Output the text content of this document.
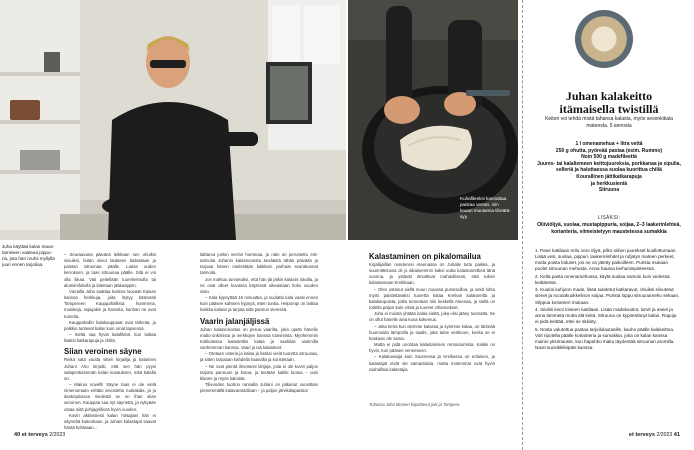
Juha käyttää kalan maustamiseen vaaleaa pippuria, jota hän rouhii myllyllä juuri ennen tarjoilua.
Kuhafileeksi kannattaa paistaa verran, niin kauan muutamia tiheätäsyy.

– Seuraavana päivänä leikkaan sen ohuiksi siivuiksi, laitan siivut lautasen laidastaan ja paistan sitruunaa päälle. Laitan uuden kerroksen, ja taas sitruunaa päälle. Sitä ei voi olla liikaa. Vati peitellään tuorekelmulla tai alumiinifoliolla ja laitetaan jääkaappiin.

Vierailla Juha saattaa koskea luovasti Kaisan kanssa herkkuja, joita löytyy kätevästi Tampereen Kauppahallista: hummeria, muiskeja, rapujakin ja hainoita, kunhan ne ovat tuoreita.

Kauppahallin kalakauppiaat ovat tärkeitä, ja palkkio tuntevat kalan kuin omat lapsensa.

– Sieltä saa hyviä kalafileitä, kun laittaa lisäksi katkarapuja ja chiliä.

Siian veroinen säyne

Reilut sata vuotta sitten kirjailija ja kalamies Juhani Aho kirjoitti, että sen hän pyysi salaperäisimmän kalan kuvauksen, mitä kalalla on.

– Mainio novelli! Säyne taas ei ole vielä nimenomaan erittäin arvostettu ruokakala, ja jo deskriptioissa mielestä se on ihan siian veroinen. Kauppaa saa nyt säynettä, ja nykyään ostaa niitä pohjagrillissä hyvin vuoden.

Kovin aktiivisiesti kalan hintajiani hän ei säynettä kuitenkaan, ja Juhani kalastajat saavat häntä kohtaaan...

laittanut jonkin verran hommaa, ja näin on perustettu erätarinoita Juhanin kalaseuroista keväästä tähän päivään ja tarjoaa hänen mielestään kaikkein parhaat seurakunnat tarinoita.

Jos mahtuu tunnetuksi, että hän jäi jäikin kalasiis lokalla, ja ne ovat olleet kovassa käytössä oikeastaan koko vuoden siian.

– Kala kypsyttää 15 minuuttia, ja suolattu kala vaatii ennen kuin pääsee kahteen kypsyä, etten tuntia. Helpompi on laittaa lusikka kalaan ja tarjota siitä pannun vieressä.

Vaarin jalanjäljissä

Juhan kalaninnostus on perua vaarilta, joka opetti hänelle maito-onkimista ja verkkojen kanssa toimimista. Myöhemmin Kokkolassa kalastettiin kalaa ja saaliista uistimilla vanhemman kanssa. Vaari ja isä kalastivat.

– Otetaan osteria ja kalaa ja lisäksi vielä tuoretta sitruunaa, ja sitten tarjotaan kahdella kaavalla ja koristetaan.

– Ne ovat pientä ilmeisesti lahjoja, joita ei ole kovin paljon tarjottu pannuun ja kotoa, ja teetään kaikki luotua – uusi tilanne ja myös kaloista.

Tilivuoden tuohon rannalla Juhani on jatkanut vuosittain pienemmällä kalavarastollaan – ja paljon järvikalapaistia!

Kalastaminen on pikalomailua

Kirjailijaillan residenssi Ateenassa on Juhalle tuttu paikka, ja suunnittelussa oli jo aikaisemmin kaksi uutta kalastusretkeä tänä vuonna, ja ystävät ilmoittivat mahdollisesti, että tulisin kalastamaan Kreikkaan.

– Olen ostanut siellä muun muassa punamulloa, ja sekä lohta myös paistettavaksi tuoretta kalaa Kreikan kalatoreilta ja kalakaupoista, jotka tunnetaan niin keskellä Ateenaa, ja siellä on todella paljon kuin viiniä ja tuoreet vihannekset.

Juha ei muista yhtään kalaa sieltä, joka olisi jääny tuomatta. Se on ollut hänelle aina kova kokemus.

– Joka kerta kun olemme kalassa ja syömme kalaa, on tärkeää huomioida lämpötila ja saalis, joka tulee verkkoon, koska se ei koskaan ole sama.

Mutta ei pidä unohtaa kalastamisen rentoutumista. Kaikki on hyvin, kun pääsee veneeseen.

– Kalakuvaaja kuin Suomessa ja Kreikassa on erilainen, ja kalastajat eivät ole samanlaisia, mutta molemmat ovat hyvin rauhallisia kalastajia.

Tuhoisia Juha Itkonen kirjoittanut joki ja Tampere.
Juhan kalakeitto itämaisella twistillä
Keiton voi tehdä mistä tahansa kalasta, myös sesonkikala mateesta. 5 annosta
1 l omenamehua + litra vettä
250 g ohutta, pyöreää pastaa (esim. Rummo)
Noin 500 g madefileettä
Juures- tai kalaliemeen keittojuureksia, porkkanaa ja sipulia, selleriä ja haluttaessa suolaa kuorittua chiliä
Kourallinen jättikatkarapuja
ja herkkusieniä
Sitruuna
LISÄKSI:
Oliiviöljyä, suolaa, mustapippuria, soijaa, 2–3 laakerinlehteä, korianteria, viimeistelyyn maustetessa sumakkia

1. Pane kattilaan reilu noro öljyä, pilko siihen juurekset kuullottumaan. Lisää vesi, suolaa, pippuri, laakerinlehdet ja rufjatyn mateen perkeet, mutta poista kiduset, jos ne on jätetty paikoilleen. Purista mukaan puolet sitruunan mehusta. Anna hautua kiehumispisteessä.

2. Keitä pasta omenamehussa, käytä suolaa samoin kuin vedessä keittäessä.

3. Kuutioi kuhjoon made, lisää sulatetut katkaravut, ohuiksi siivutetut sienet ja rucolakuokkelinon soijaa. Purista loppu sitruunamehu sekaan. Silppua korianteri mukaan.

4. Siivilöi liemi toiseen kattilaan. Lisää madekuutiot, tarvit ja aseet ja anna lämmetä mutta älä keitä. Sitruuna on kypsentänyt kalan. Rapuja ei pidä keittää, ettei se sitkisty.

5. Nosta valutettua pastaa tarjoilulautasille, kauho päälle kalakeittoa. Voit ripotella päälle korianteria ja sumakkia, joka on kalan kanssa mainio yksimauste, kun hapahko maku täydentää sitruunan aromilla. Nauti suosikkileipäsi kanssa.

40 et terveys 2/2023	et terveys 2/2023 41
